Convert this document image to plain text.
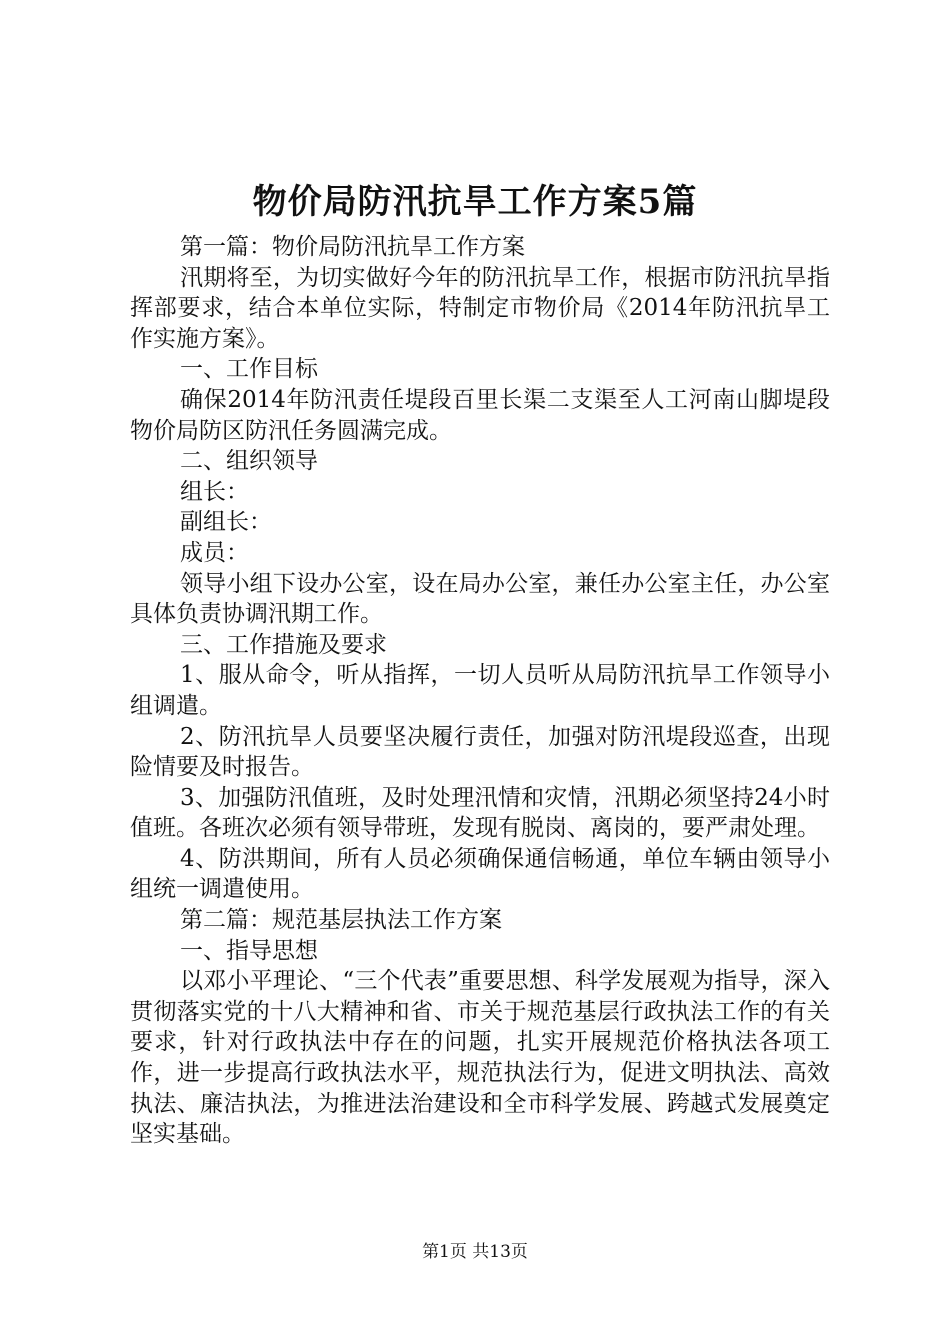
物价局防汛抗旱工作方案5篇

第一篇：物价局防汛抗旱工作方案

汛期将至，为切实做好今年的防汛抗旱工作，根据市防汛抗旱指挥部要求，结合本单位实际，特制定市物价局《2014年防汛抗旱工作实施方案》。

一、工作目标

确保2014年防汛责任堤段百里长渠二支渠至人工河南山脚堤段物价局防区防汛任务圆满完成。

二、组织领导

组长：

副组长：

成员：

领导小组下设办公室，设在局办公室，兼任办公室主任，办公室具体负责协调汛期工作。

三、工作措施及要求

1、服从命令，听从指挥，一切人员听从局防汛抗旱工作领导小组调遣。

2、防汛抗旱人员要坚决履行责任，加强对防汛堤段巡查，出现险情要及时报告。

3、加强防汛值班，及时处理汛情和灾情，汛期必须坚持24小时值班。各班次必须有领导带班，发现有脱岗、离岗的，要严肃处理。

4、防洪期间，所有人员必须确保通信畅通，单位车辆由领导小组统一调遣使用。

第二篇：规范基层执法工作方案

一、指导思想

以邓小平理论、“三个代表”重要思想、科学发展观为指导，深入贯彻落实党的十八大精神和省、市关于规范基层行政执法工作的有关要求，针对行政执法中存在的问题，扎实开展规范价格执法各项工作，进一步提高行政执法水平，规范执法行为，促进文明执法、高效执法、廉洁执法，为推进法治建设和全市科学发展、跨越式发展奠定坚实基础。

第1页 共13页
